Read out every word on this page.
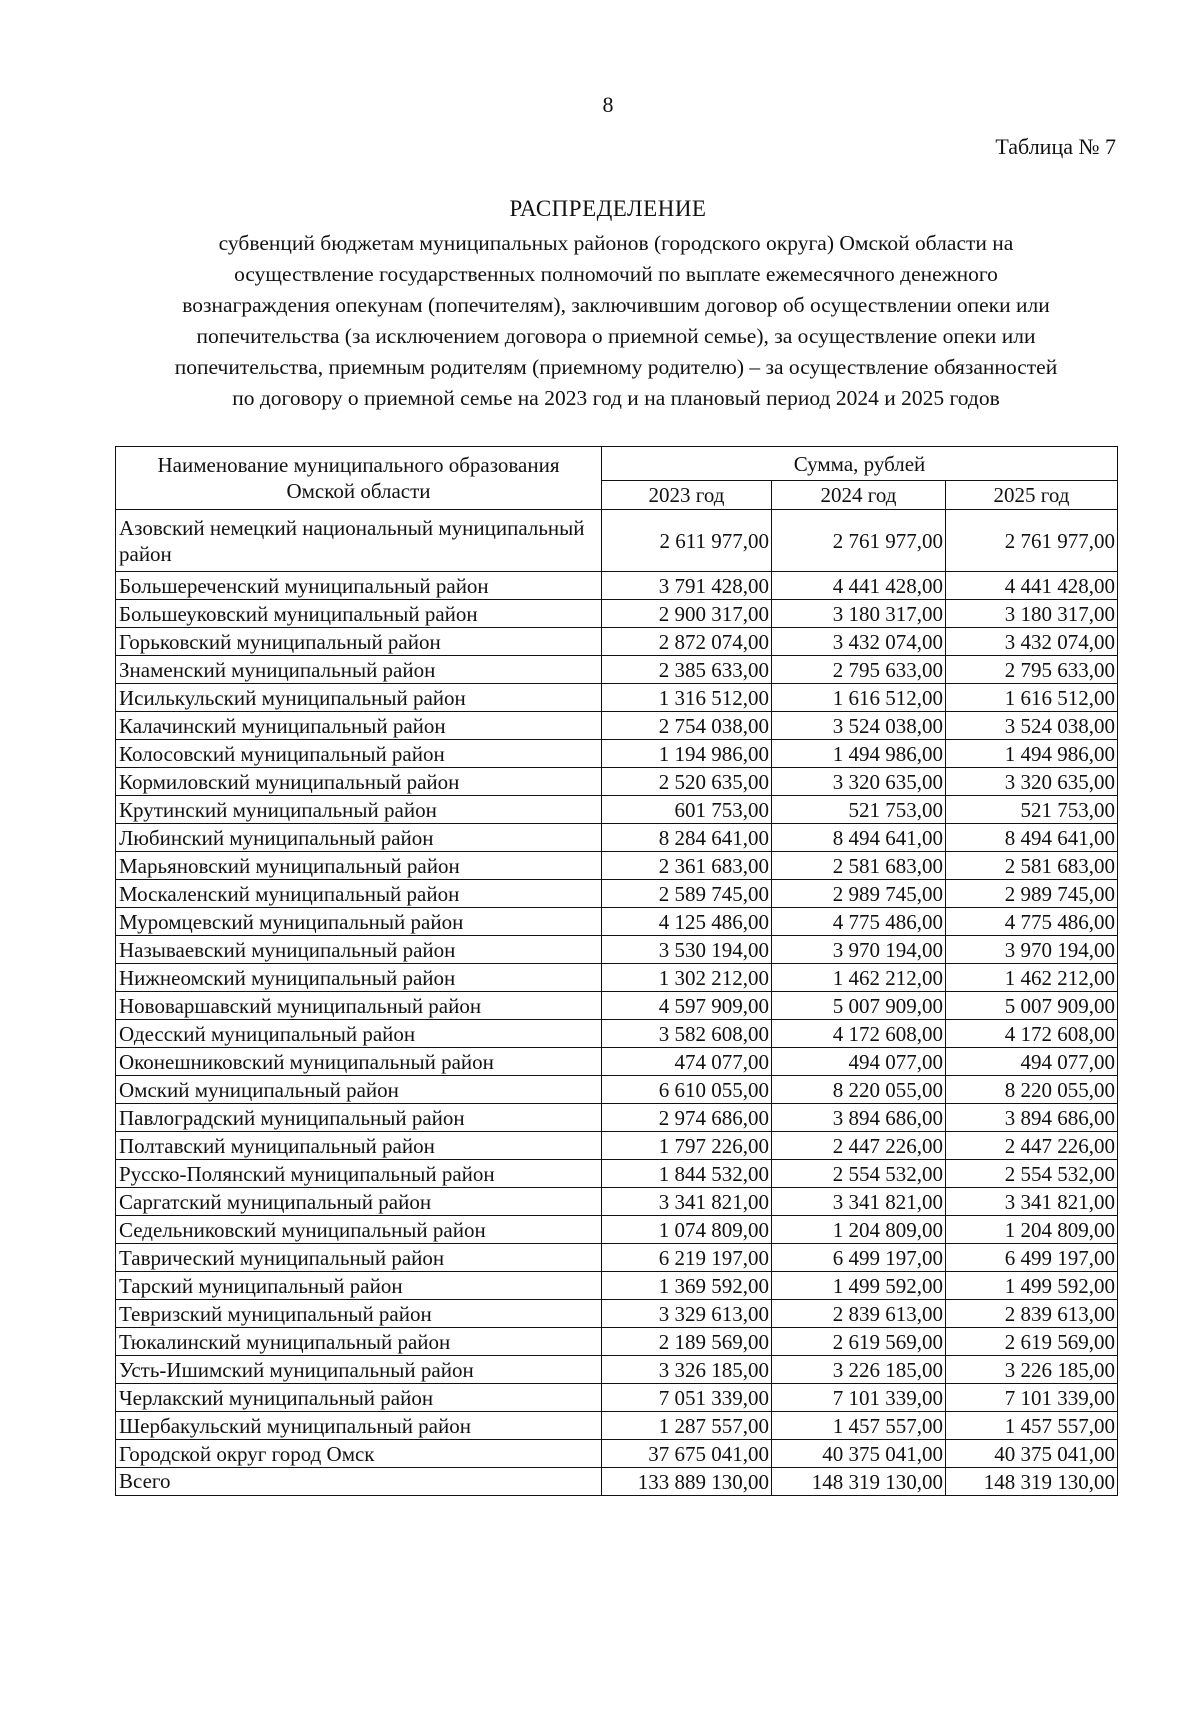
8
Таблица № 7
РАСПРЕДЕЛЕНИЕ
субвенций бюджетам муниципальных районов (городского округа) Омской области на
осуществление государственных полномочий по выплате ежемесячного денежного
вознаграждения опекунам (попечителям), заключившим договор об осуществлении опеки или
попечительства (за исключением договора о приемной семье), за осуществление опеки или
попечительства, приемным родителям (приемному родителю) – за осуществление обязанностей
по договору о приемной семье на 2023 год и на плановый период 2024 и 2025 годов
Наименование муниципального образования Омской области	Сумма, рублей		
	2023 год	2024 год	2025 год
Азовский немецкий национальный муниципальный район	2 611 977,00	2 761 977,00	2 761 977,00
Большереченский муниципальный район	3 791 428,00	4 441 428,00	4 441 428,00
Большеуковский муниципальный район	2 900 317,00	3 180 317,00	3 180 317,00
Горьковский муниципальный район	2 872 074,00	3 432 074,00	3 432 074,00
Знаменский муниципальный район	2 385 633,00	2 795 633,00	2 795 633,00
Исилькульский муниципальный район	1 316 512,00	1 616 512,00	1 616 512,00
Калачинский муниципальный район	2 754 038,00	3 524 038,00	3 524 038,00
Колосовский муниципальный район	1 194 986,00	1 494 986,00	1 494 986,00
Кормиловский муниципальный район	2 520 635,00	3 320 635,00	3 320 635,00
Крутинский муниципальный район	601 753,00	521 753,00	521 753,00
Любинский муниципальный район	8 284 641,00	8 494 641,00	8 494 641,00
Марьяновский муниципальный район	2 361 683,00	2 581 683,00	2 581 683,00
Москаленский муниципальный район	2 589 745,00	2 989 745,00	2 989 745,00
Муромцевский муниципальный район	4 125 486,00	4 775 486,00	4 775 486,00
Называевский муниципальный район	3 530 194,00	3 970 194,00	3 970 194,00
Нижнеомский муниципальный район	1 302 212,00	1 462 212,00	1 462 212,00
Нововаршавский муниципальный район	4 597 909,00	5 007 909,00	5 007 909,00
Одесский муниципальный район	3 582 608,00	4 172 608,00	4 172 608,00
Оконешниковский муниципальный район	474 077,00	494 077,00	494 077,00
Омский муниципальный район	6 610 055,00	8 220 055,00	8 220 055,00
Павлоградский муниципальный район	2 974 686,00	3 894 686,00	3 894 686,00
Полтавский муниципальный район	1 797 226,00	2 447 226,00	2 447 226,00
Русско-Полянский муниципальный район	1 844 532,00	2 554 532,00	2 554 532,00
Саргатский муниципальный район	3 341 821,00	3 341 821,00	3 341 821,00
Седельниковский муниципальный район	1 074 809,00	1 204 809,00	1 204 809,00
Таврический муниципальный район	6 219 197,00	6 499 197,00	6 499 197,00
Тарский муниципальный район	1 369 592,00	1 499 592,00	1 499 592,00
Тевризский муниципальный район	3 329 613,00	2 839 613,00	2 839 613,00
Тюкалинский муниципальный район	2 189 569,00	2 619 569,00	2 619 569,00
Усть-Ишимский муниципальный район	3 326 185,00	3 226 185,00	3 226 185,00
Черлакский муниципальный район	7 051 339,00	7 101 339,00	7 101 339,00
Шербакульский муниципальный район	1 287 557,00	1 457 557,00	1 457 557,00
Городской округ город Омск	37 675 041,00	40 375 041,00	40 375 041,00
Всего	133 889 130,00	148 319 130,00	148 319 130,00
